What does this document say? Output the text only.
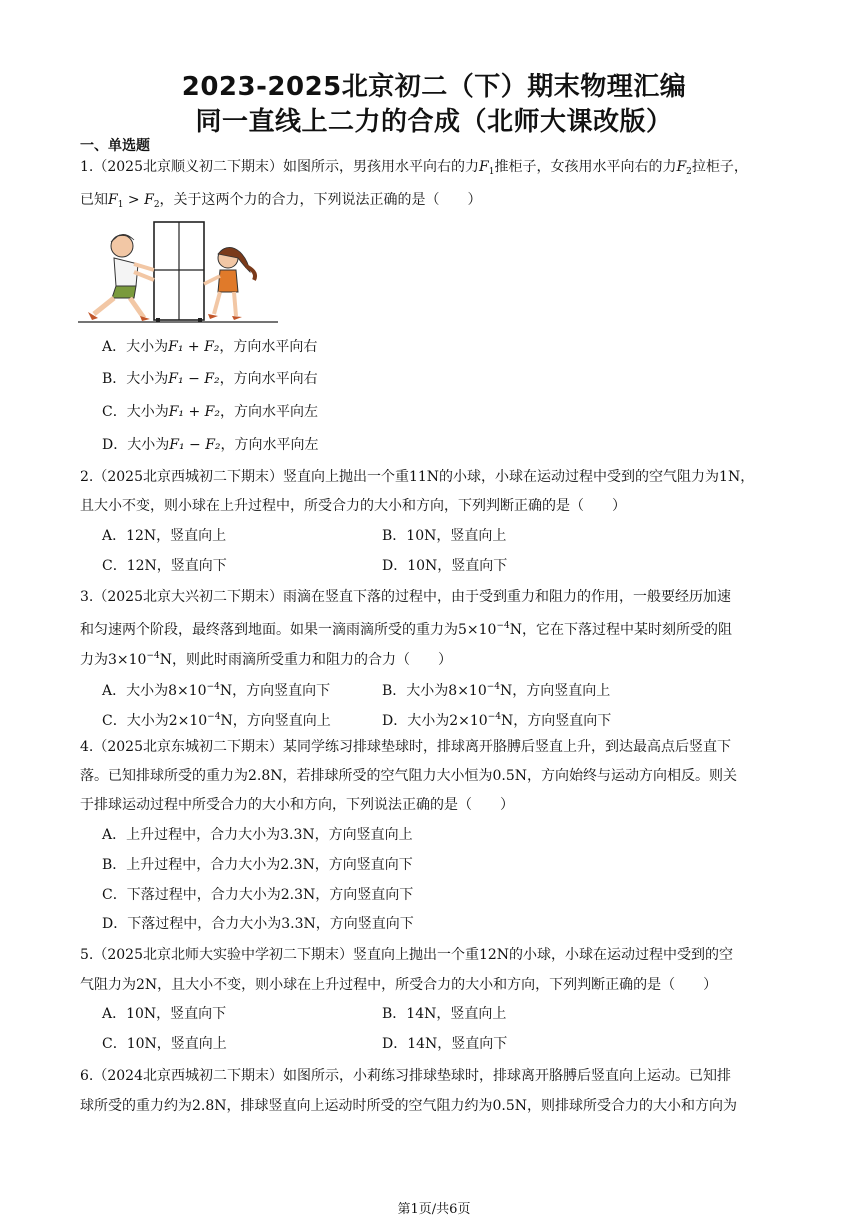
2023-2025北京初二（下）期末物理汇编
同一直线上二力的合成（北师大课改版）
一、单选题
1.（2025北京顺义初二下期末）如图所示，男孩用水平向右的力$F_1$推柜子，女孩用水平向右的力$F_2$拉柜子，
已知$F_1 > F_2$，关于这两个力的合力，下列说法正确的是（　　）
A．大小为F₁ + F₂，方向水平向右
B．大小为F₁ − F₂，方向水平向右
C．大小为F₁ + F₂，方向水平向左
D．大小为F₁ − F₂，方向水平向左
2.（2025北京西城初二下期末）竖直向上抛出一个重11N的小球，小球在运动过程中受到的空气阻力为1N，
且大小不变，则小球在上升过程中，所受合力的大小和方向，下列判断正确的是（　　）
A．12N，竖直向上	B．10N，竖直向上
C．12N，竖直向下	D．10N，竖直向下
3.（2025北京大兴初二下期末）雨滴在竖直下落的过程中，由于受到重力和阻力的作用，一般要经历加速
和匀速两个阶段，最终落到地面。如果一滴雨滴所受的重力为$5\times 10^{-4}N$，它在下落过程中某时刻所受的阻
力为$3\times 10^{-4}N$，则此时雨滴所受重力和阻力的合力（　　）
A．大小为$8\times 10^{-4}N$，方向竖直向下	B．大小为$8\times 10^{-4}N$，方向竖直向上
C．大小为$2\times 10^{-4}N$，方向竖直向上	D．大小为$2\times 10^{-4}N$，方向竖直向下
4.（2025北京东城初二下期末）某同学练习排球垫球时，排球离开胳膊后竖直上升，到达最高点后竖直下
落。已知排球所受的重力为2.8N，若排球所受的空气阻力大小恒为0.5N，方向始终与运动方向相反。则关
于排球运动过程中所受合力的大小和方向，下列说法正确的是（　　）
A．上升过程中，合力大小为3.3N，方向竖直向上
B．上升过程中，合力大小为2.3N，方向竖直向下
C．下落过程中，合力大小为2.3N，方向竖直向下
D．下落过程中，合力大小为3.3N，方向竖直向下
5.（2025北京北师大实验中学初二下期末）竖直向上抛出一个重12N的小球，小球在运动过程中受到的空
气阻力为2N，且大小不变，则小球在上升过程中，所受合力的大小和方向，下列判断正确的是（　　）
A．10N，竖直向下	B．14N，竖直向上
C．10N，竖直向上	D．14N，竖直向下
6.（2024北京西城初二下期末）如图所示，小莉练习排球垫球时，排球离开胳膊后竖直向上运动。已知排
球所受的重力约为2.8N，排球竖直向上运动时所受的空气阻力约为0.5N，则排球所受合力的大小和方向为
第1页/共6页
